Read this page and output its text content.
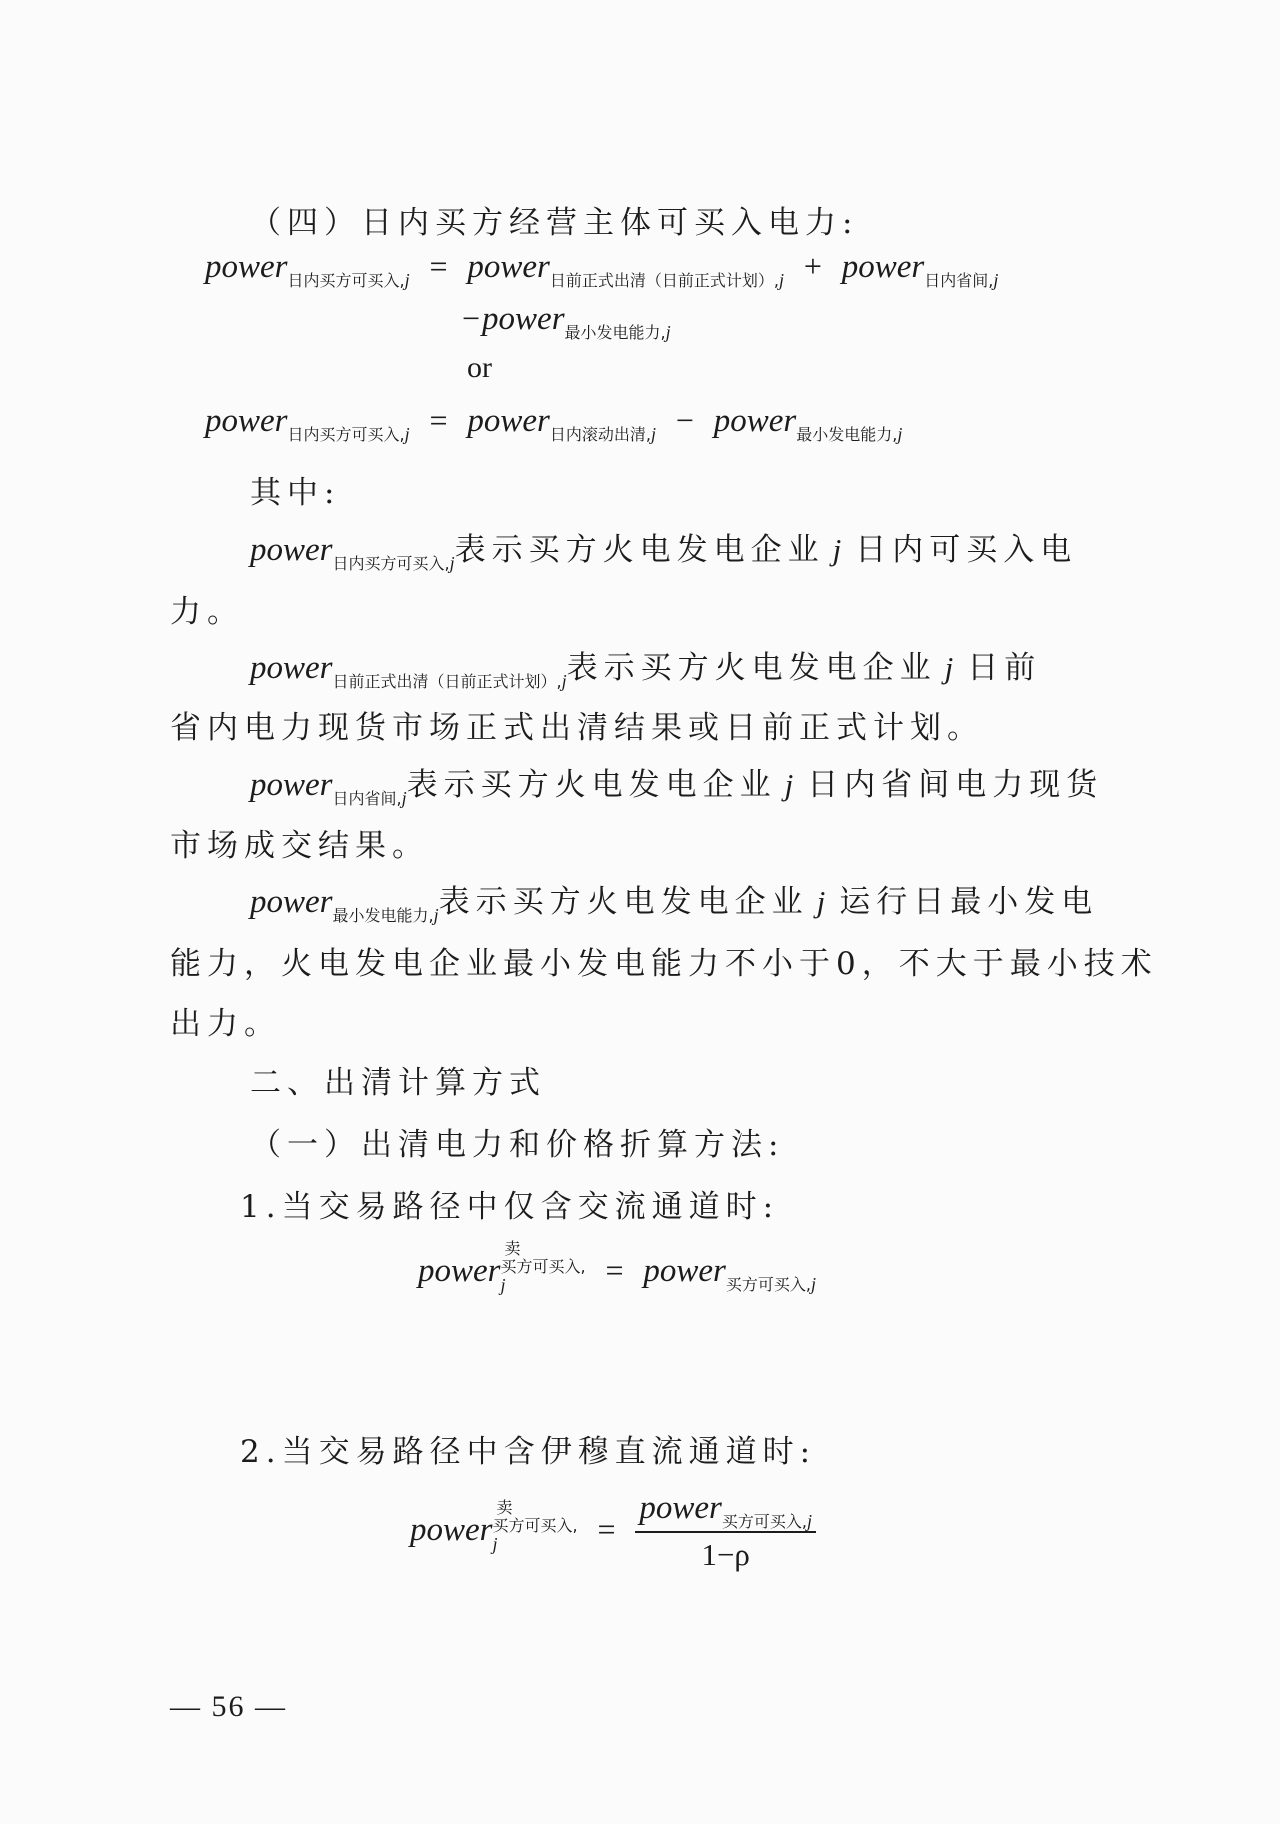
（四）日内买方经营主体可买入电力:
power$_{日内买方可买入,j}$ = power$_{日前正式出清(日前正式计划),j}$ + power$_{日内省间,j}$
−power$_{最小发电能力,j}$
or
power$_{日内买方可买入,j}$ = power$_{日内滚动出清,j}$ − power$_{最小发电能力,j}$
其中:
power$_{日内买方可买入,j}$表示买方火电发电企业 j 日内可买入电
力。
power$_{日前正式出清(日前正式计划),j}$表示买方火电发电企业 j 日前
省内电力现货市场正式出清结果或日前正式计划。
power$_{日内省间,j}$表示买方火电发电企业 j 日内省间电力现货
市场成交结果。
power$_{最小发电能力,j}$表示买方火电发电企业 j 运行日最小发电
能力，火电发电企业最小发电能力不小于0，不大于最小技术
出力。
二、出清计算方式
（一）出清电力和价格折算方法:
1.当交易路径中仅含交流通道时:
power
卖
买方可买入,
j	= power$_{买方可买入,j}$
2.当交易路径中含伊穆直流通道时:
power
卖
买方可买入,
j	= $\frac{power_{买方可买入,j}}{1-\rho}$
— 56 —
